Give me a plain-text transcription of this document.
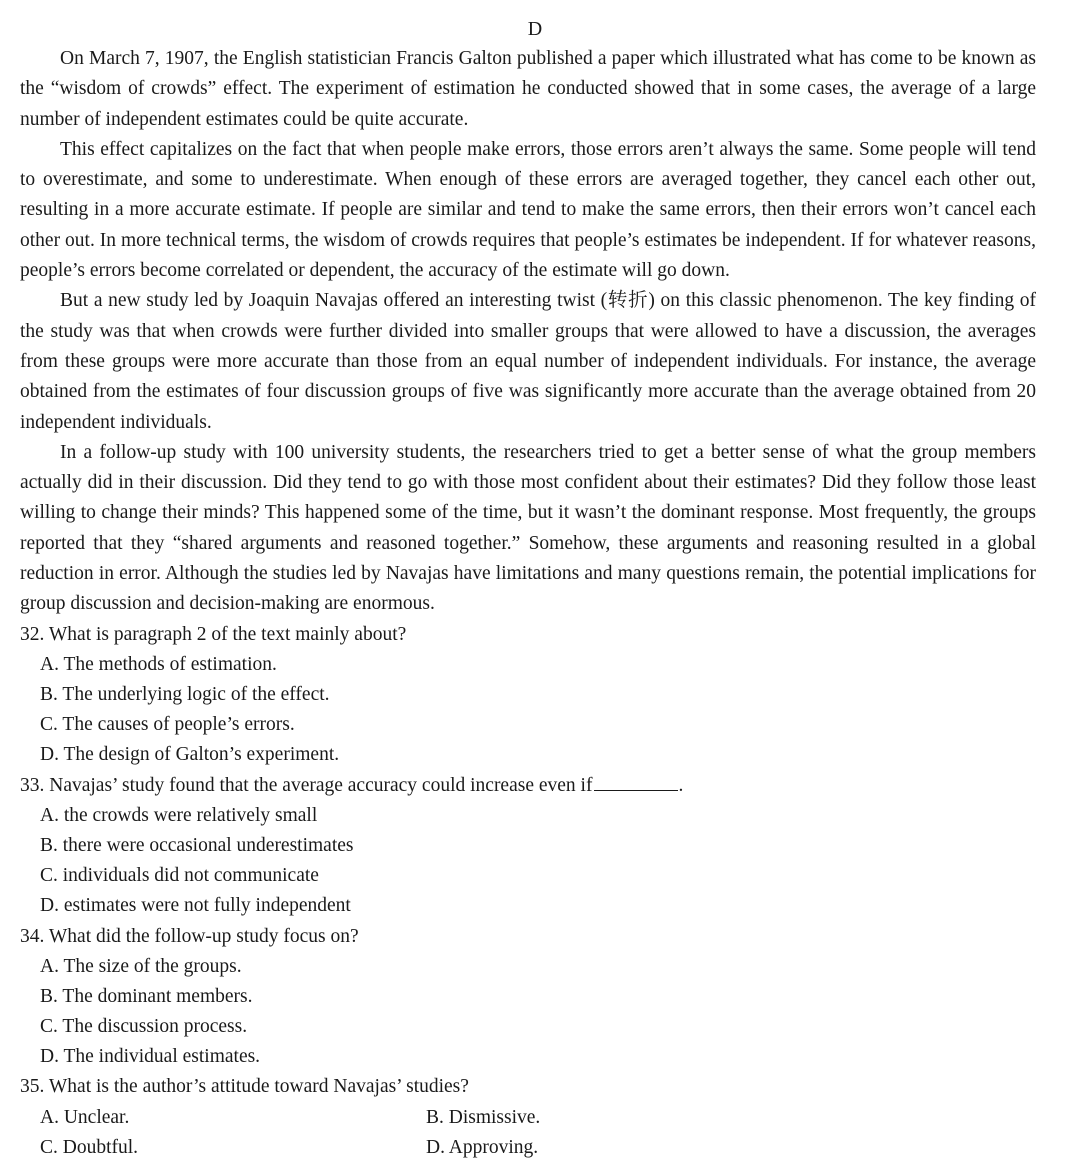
D

On March 7, 1907, the English statistician Francis Galton published a paper which illustrated what has come to be known as the “wisdom of crowds” effect. The experiment of estimation he conducted showed that in some cases, the average of a large number of independent estimates could be quite accurate.

This effect capitalizes on the fact that when people make errors, those errors aren’t always the same. Some people will tend to overestimate, and some to underestimate. When enough of these errors are averaged together, they cancel each other out, resulting in a more accurate estimate. If people are similar and tend to make the same errors, then their errors won’t cancel each other out. In more technical terms, the wisdom of crowds requires that people’s estimates be independent. If for whatever reasons, people’s errors become correlated or dependent, the accuracy of the estimate will go down.

But a new study led by Joaquin Navajas offered an interesting twist (转折) on this classic phenomenon. The key finding of the study was that when crowds were further divided into smaller groups that were allowed to have a discussion, the averages from these groups were more accurate than those from an equal number of independent individuals. For instance, the average obtained from the estimates of four discussion groups of five was significantly more accurate than the average obtained from 20 independent individuals.

In a follow-up study with 100 university students, the researchers tried to get a better sense of what the group members actually did in their discussion. Did they tend to go with those most confident about their estimates? Did they follow those least willing to change their minds? This happened some of the time, but it wasn’t the dominant response. Most frequently, the groups reported that they “shared arguments and reasoned together.” Somehow, these arguments and reasoning resulted in a global reduction in error. Although the studies led by Navajas have limitations and many questions remain, the potential implications for group discussion and decision-making are enormous.

32. What is paragraph 2 of the text mainly about?
A. The methods of estimation.
B. The underlying logic of the effect.
C. The causes of people’s errors.
D. The design of Galton’s experiment.
33. Navajas’ study found that the average accuracy could increase even if	.
A. the crowds were relatively small
B. there were occasional underestimates
C. individuals did not communicate
D. estimates were not fully independent
34. What did the follow-up study focus on?
A. The size of the groups.
B. The dominant members.
C. The discussion process.
D. The individual estimates.
35. What is the author’s attitude toward Navajas’ studies?
A. Unclear.	B. Dismissive.
C. Doubtful.	D. Approving.
